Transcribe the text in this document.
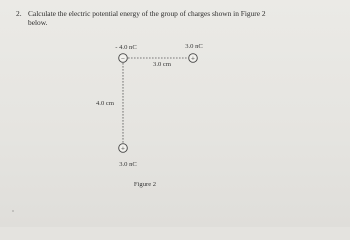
2. Calculate the electric potential energy of the group of charges shown in Figure 2
below.
−	+
+
- 4.0 nC	3.0 nC
3.0 cm
4.0 cm
3.0 nC
Figure 2
